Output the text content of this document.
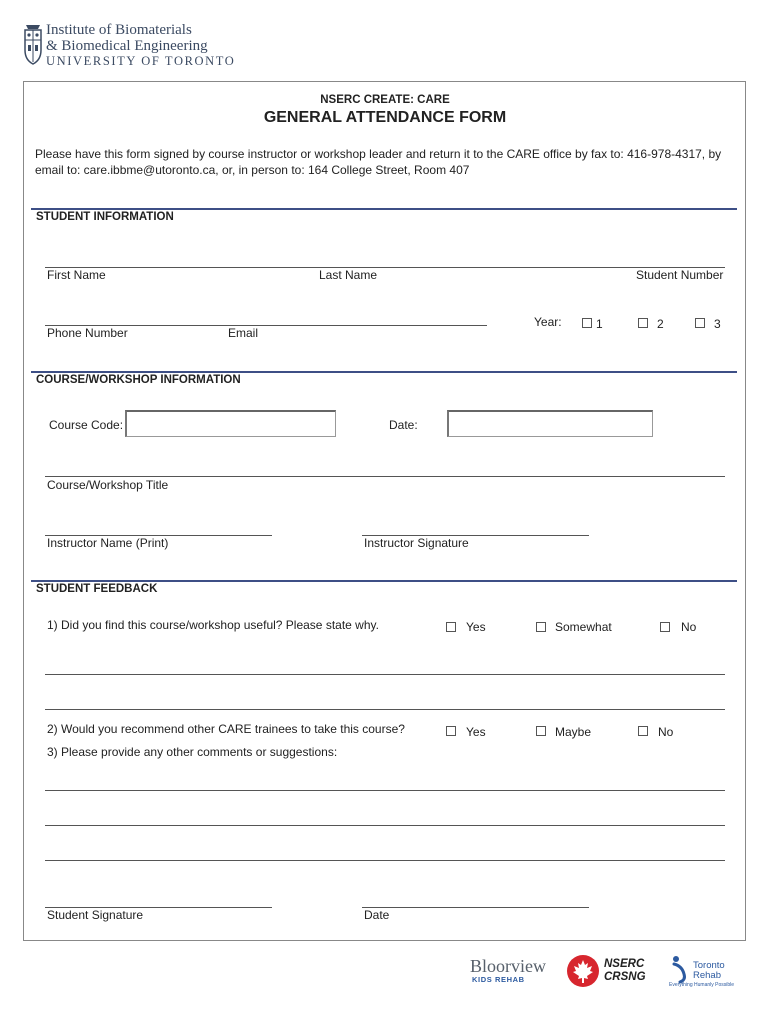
Institute of Biomaterials
& Biomedical Engineering
UNIVERSITY OF TORONTO
NSERC CREATE: CARE
GENERAL ATTENDANCE FORM
Please have this form signed by course instructor or workshop leader and return it to the CARE office by fax to: 416-978-4317, by email to: care.ibbme@utoronto.ca, or, in person to: 164 College Street, Room 407
STUDENT INFORMATION
First Name	Last Name	Student Number
Phone Number	Email
Year:	1	2	3
COURSE/WORKSHOP INFORMATION
Course Code:	Date:
Course/Workshop Title
Instructor Name (Print)	Instructor Signature
STUDENT FEEDBACK
1) Did you find this course/workshop useful? Please state why.	Yes	Somewhat	No
2) Would you recommend other CARE trainees to take this course?	Yes	Maybe	No
3) Please provide any other comments or suggestions:
Student Signature	Date
Bloorview
KIDS REHAB
NSERC
CRSNG
Toronto
Rehab
Everything Humanly Possible
